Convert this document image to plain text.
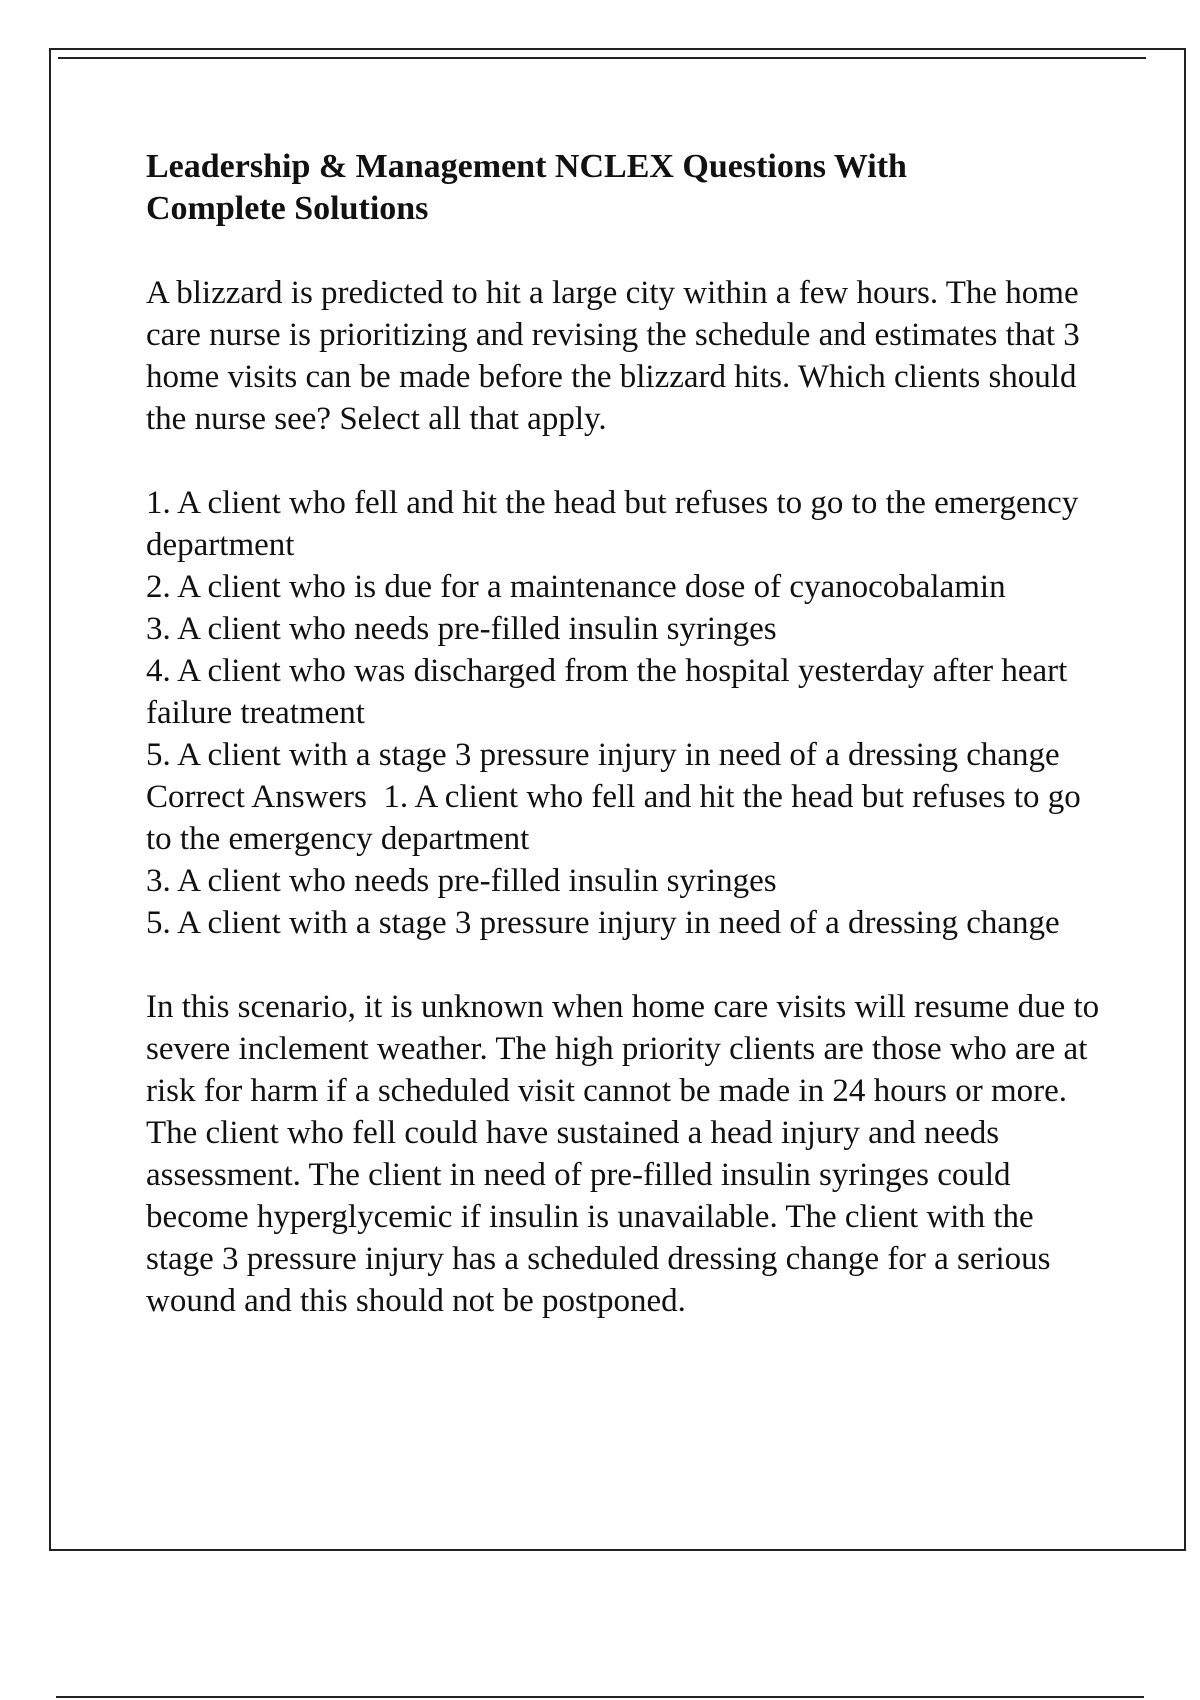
Leadership & Management NCLEX Questions With Complete Solutions
A blizzard is predicted to hit a large city within a few hours. The home care nurse is prioritizing and revising the schedule and estimates that 3 home visits can be made before the blizzard hits. Which clients should the nurse see? Select all that apply.
1. A client who fell and hit the head but refuses to go to the emergency department
2. A client who is due for a maintenance dose of cyanocobalamin
3. A client who needs pre-filled insulin syringes
4. A client who was discharged from the hospital yesterday after heart failure treatment
5. A client with a stage 3 pressure injury in need of a dressing change Correct Answers  1. A client who fell and hit the head but refuses to go to the emergency department
3. A client who needs pre-filled insulin syringes
5. A client with a stage 3 pressure injury in need of a dressing change
In this scenario, it is unknown when home care visits will resume due to severe inclement weather. The high priority clients are those who are at risk for harm if a scheduled visit cannot be made in 24 hours or more. The client who fell could have sustained a head injury and needs assessment. The client in need of pre-filled insulin syringes could become hyperglycemic if insulin is unavailable. The client with the stage 3 pressure injury has a scheduled dressing change for a serious wound and this should not be postponed.
